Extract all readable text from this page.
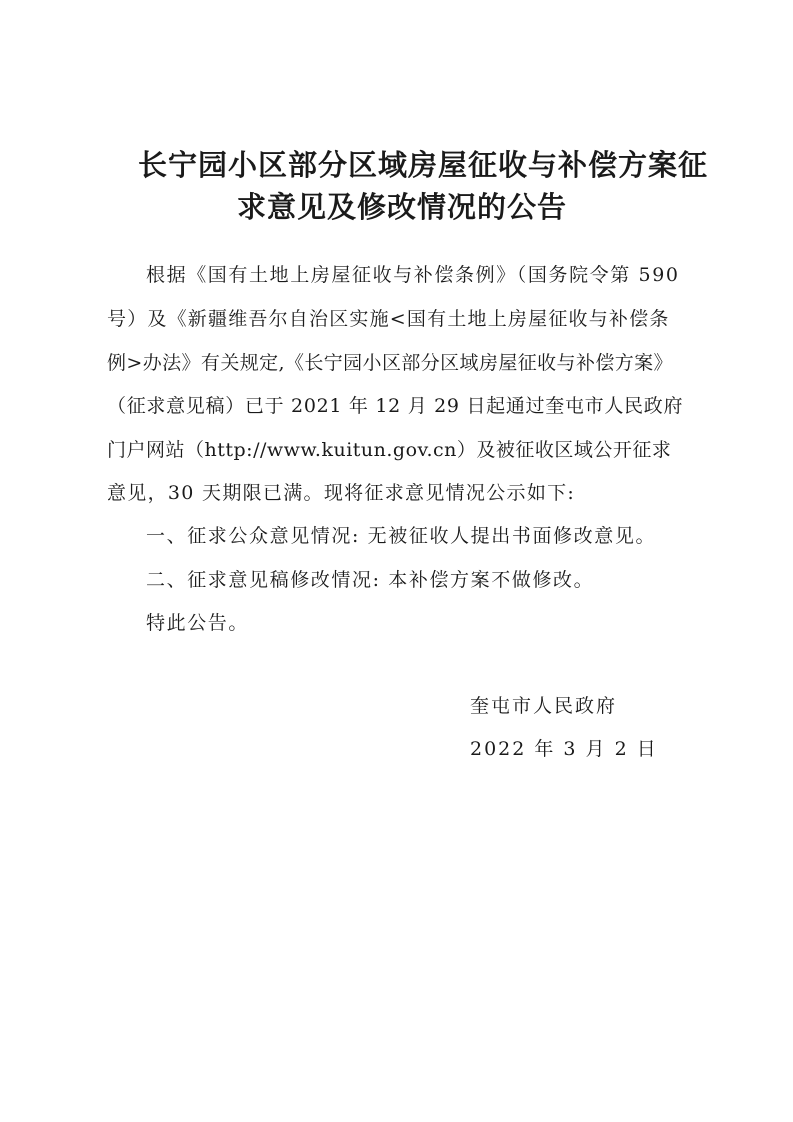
长宁园小区部分区域房屋征收与补偿方案征
求意见及修改情况的公告
根据《国有土地上房屋征收与补偿条例》（国务院令第 590
号）及《新疆维吾尔自治区实施<国有土地上房屋征收与补偿条
例>办法》有关规定,《长宁园小区部分区域房屋征收与补偿方案》
（征求意见稿）已于 2021 年 12 月 29 日起通过奎屯市人民政府
门户网站（http://www.kuitun.gov.cn）及被征收区域公开征求
意见，30 天期限已满。现将征求意见情况公示如下:
一、征求公众意见情况: 无被征收人提出书面修改意见。
二、征求意见稿修改情况: 本补偿方案不做修改。
特此公告。
奎屯市人民政府
2022 年 3 月 2 日
